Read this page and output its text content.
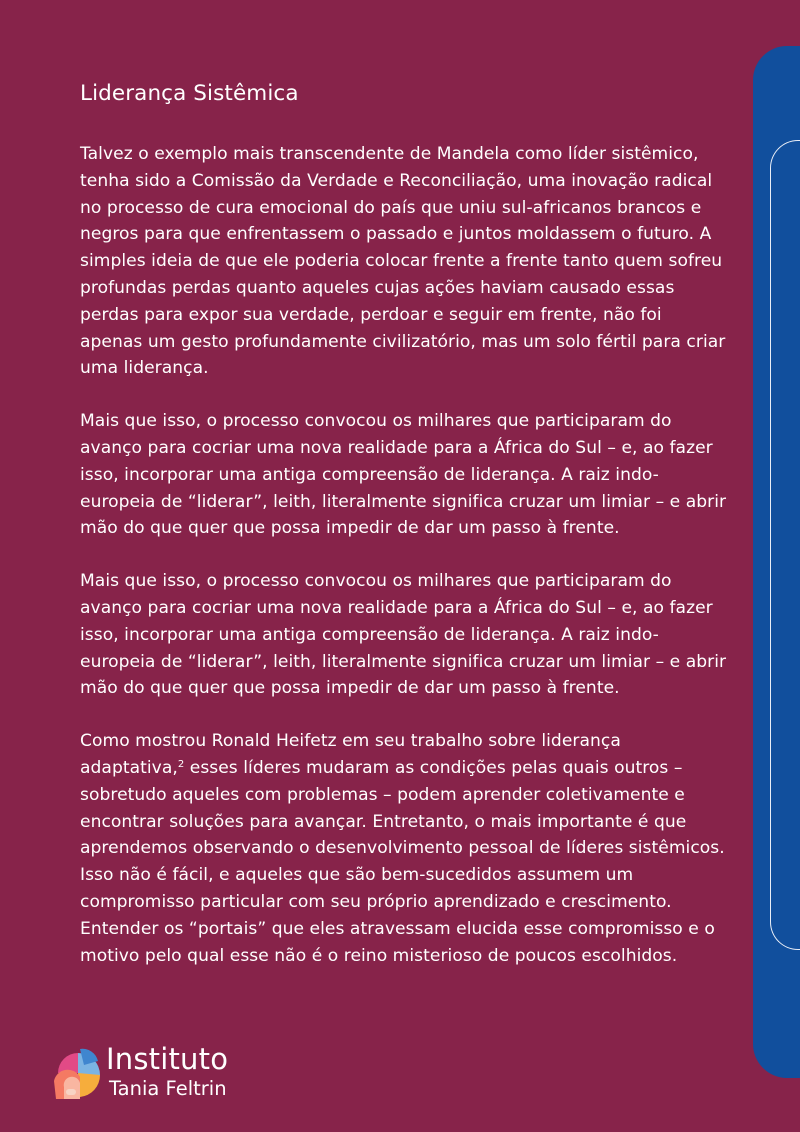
Liderança Sistêmica

Talvez o exemplo mais transcendente de Mandela como líder sistêmico, tenha sido a Comissão da Verdade e Reconciliação, uma inovação radical no processo de cura emocional do país que uniu sul-africanos brancos e negros para que enfrentassem o passado e juntos moldassem o futuro. A simples ideia de que ele poderia colocar frente a frente tanto quem sofreu profundas perdas quanto aqueles cujas ações haviam causado essas perdas para expor sua verdade, perdoar e seguir em frente, não foi apenas um gesto profundamente civilizatório, mas um solo fértil para criar uma liderança.

Mais que isso, o processo convocou os milhares que participaram do avanço para cocriar uma nova realidade para a África do Sul – e, ao fazer isso, incorporar uma antiga compreensão de liderança. A raiz indo-europeia de “liderar”, leith, literalmente significa cruzar um limiar – e abrir mão do que quer que possa impedir de dar um passo à frente.

Mais que isso, o processo convocou os milhares que participaram do avanço para cocriar uma nova realidade para a África do Sul – e, ao fazer isso, incorporar uma antiga compreensão de liderança. A raiz indo-europeia de “liderar”, leith, literalmente significa cruzar um limiar – e abrir mão do que quer que possa impedir de dar um passo à frente.

Como mostrou Ronald Heifetz em seu trabalho sobre liderança adaptativa,$^2$ esses líderes mudaram as condições pelas quais outros – sobretudo aqueles com problemas – podem aprender coletivamente e encontrar soluções para avançar. Entretanto, o mais importante é que aprendemos observando o desenvolvimento pessoal de líderes sistêmicos. Isso não é fácil, e aqueles que são bem-sucedidos assumem um compromisso particular com seu próprio aprendizado e crescimento. Entender os “portais” que eles atravessam elucida esse compromisso e o motivo pelo qual esse não é o reino misterioso de poucos escolhidos.

Instituto
Tania Feltrin
